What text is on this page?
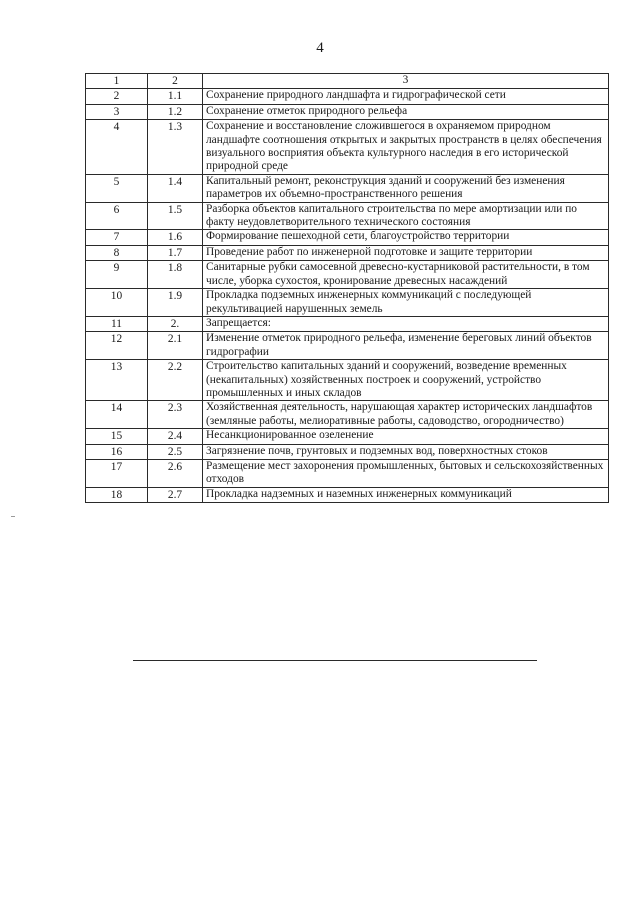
4
1	2	3
2	1.1	Сохранение природного ландшафта и гидрографической сети
3	1.2	Сохранение отметок природного рельефа
4	1.3	Сохранение и восстановление сложившегося в охраняемом природном ландшафте соотношения открытых и закрытых пространств в целях обеспечения визуального восприятия объекта культурного наследия в его исторической природной среде
5	1.4	Капитальный ремонт, реконструкция зданий и сооружений без изменения параметров их объемно-пространственного решения
6	1.5	Разборка объектов капитального строительства по мере амортизации или по факту неудовлетворительного технического состояния
7	1.6	Формирование пешеходной сети, благоустройство территории
8	1.7	Проведение работ по инженерной подготовке и защите территории
9	1.8	Санитарные рубки самосевной древесно-кустарниковой растительности, в том числе, уборка сухостоя, кронирование древесных насаждений
10	1.9	Прокладка подземных инженерных коммуникаций с последующей рекультивацией нарушенных земель
11	2.	Запрещается:
12	2.1	Изменение отметок природного рельефа, изменение береговых линий объектов гидрографии
13	2.2	Строительство капитальных зданий и сооружений, возведение временных (некапитальных) хозяйственных построек и сооружений, устройство промышленных и иных складов
14	2.3	Хозяйственная деятельность, нарушающая характер исторических ландшафтов (земляные работы, мелиоративные работы, садоводство, огородничество)
15	2.4	Несанкционированное озеленение
16	2.5	Загрязнение почв, грунтовых и подземных вод, поверхностных стоков
17	2.6	Размещение мест захоронения промышленных, бытовых и сельскохозяйственных отходов
18	2.7	Прокладка надземных и наземных инженерных коммуникаций
